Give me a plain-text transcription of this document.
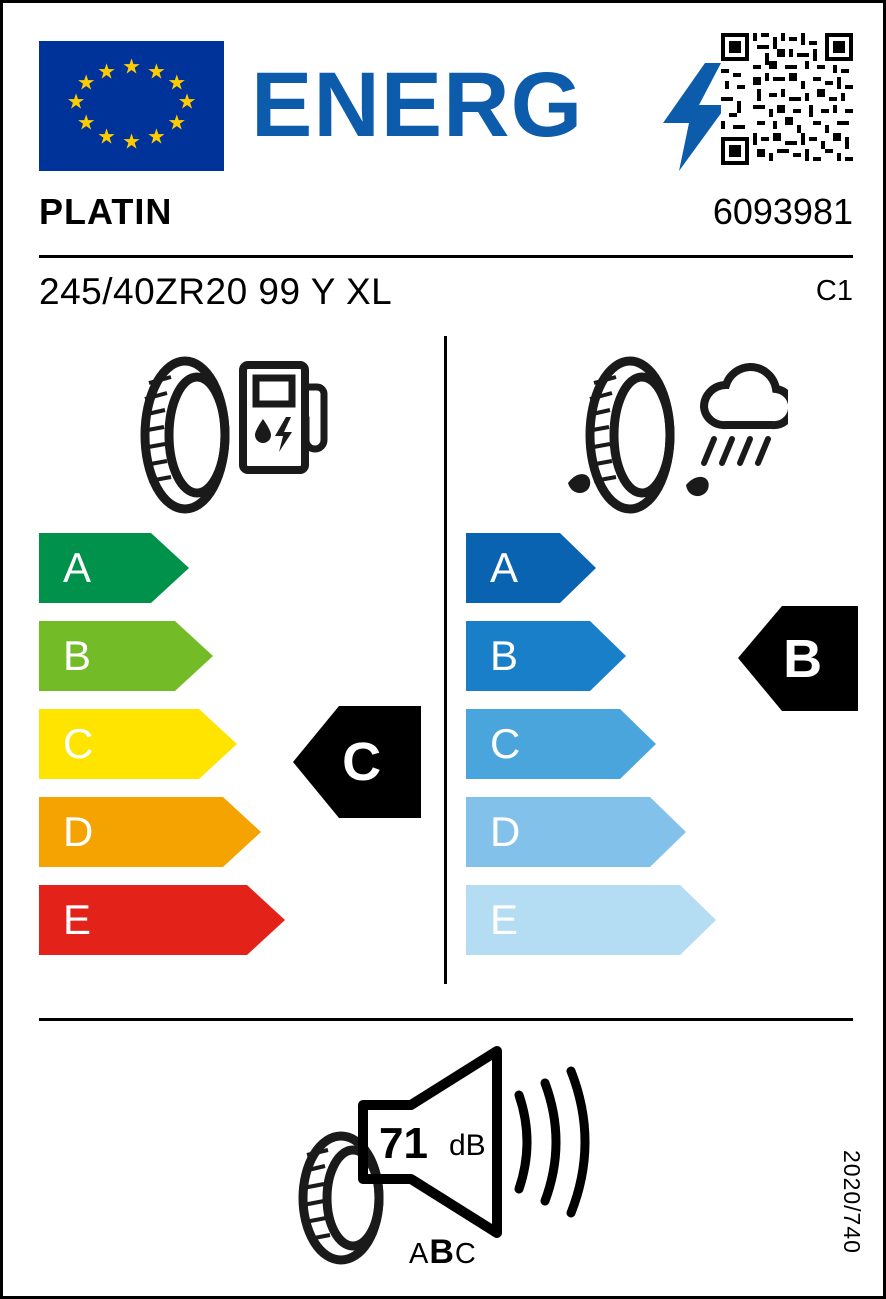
★
★
★
★
★
★ ★ ★
★
★
★
★ ENERG
PLATIN	6093981
245/40ZR20 99 Y XL	C1
A
B
C
D
E
A
B
C
D
E
C
B
71 dB
ABC	2020/740
